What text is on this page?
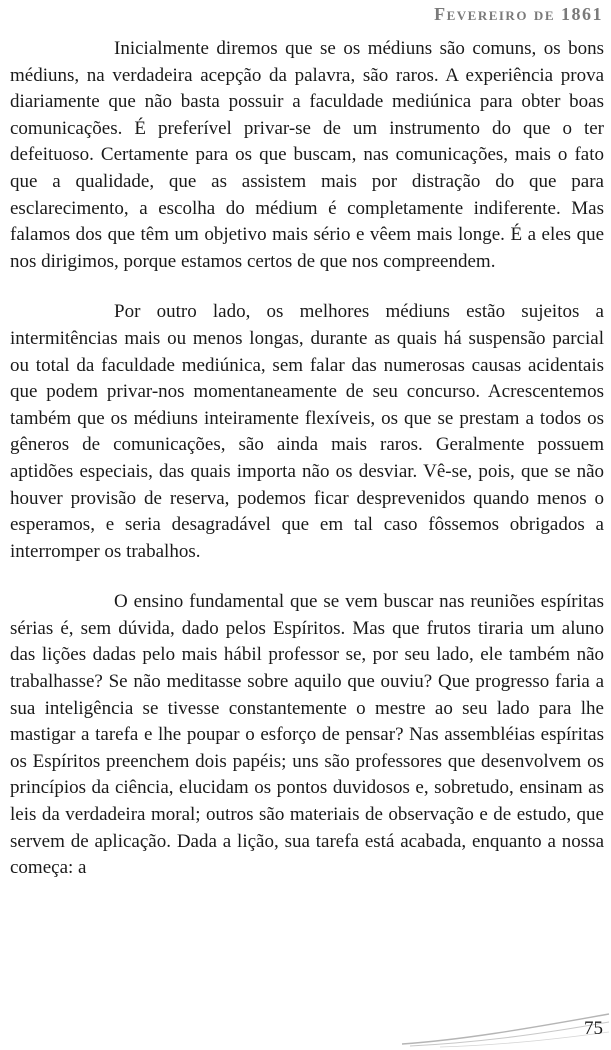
Fevereiro de 1861

Inicialmente diremos que se os médiuns são comuns, os bons médiuns, na verdadeira acepção da palavra, são raros. A experiência prova diariamente que não basta possuir a faculdade mediúnica para obter boas comunicações. É preferível privar-se de um instrumento do que o ter defeituoso. Certamente para os que buscam, nas comunicações, mais o fato que a qualidade, que as assistem mais por distração do que para esclarecimento, a escolha do médium é completamente indiferente. Mas falamos dos que têm um objetivo mais sério e vêem mais longe. É a eles que nos dirigimos, porque estamos certos de que nos compreendem.

Por outro lado, os melhores médiuns estão sujeitos a intermitências mais ou menos longas, durante as quais há suspensão parcial ou total da faculdade mediúnica, sem falar das numerosas causas acidentais que podem privar-nos momentaneamente de seu concurso. Acrescentemos também que os médiuns inteiramente flexíveis, os que se prestam a todos os gêneros de comunicações, são ainda mais raros. Geralmente possuem aptidões especiais, das quais importa não os desviar. Vê-se, pois, que se não houver provisão de reserva, podemos ficar desprevenidos quando menos o esperamos, e seria desagradável que em tal caso fôssemos obrigados a interromper os trabalhos.

O ensino fundamental que se vem buscar nas reuniões espíritas sérias é, sem dúvida, dado pelos Espíritos. Mas que frutos tiraria um aluno das lições dadas pelo mais hábil professor se, por seu lado, ele também não trabalhasse? Se não meditasse sobre aquilo que ouviu? Que progresso faria a sua inteligência se tivesse constantemente o mestre ao seu lado para lhe mastigar a tarefa e lhe poupar o esforço de pensar? Nas assembléias espíritas os Espíritos preenchem dois papéis; uns são professores que desenvolvem os princípios da ciência, elucidam os pontos duvidosos e, sobretudo, ensinam as leis da verdadeira moral; outros são materiais de observação e de estudo, que servem de aplicação. Dada a lição, sua tarefa está acabada, enquanto a nossa começa: a

75
